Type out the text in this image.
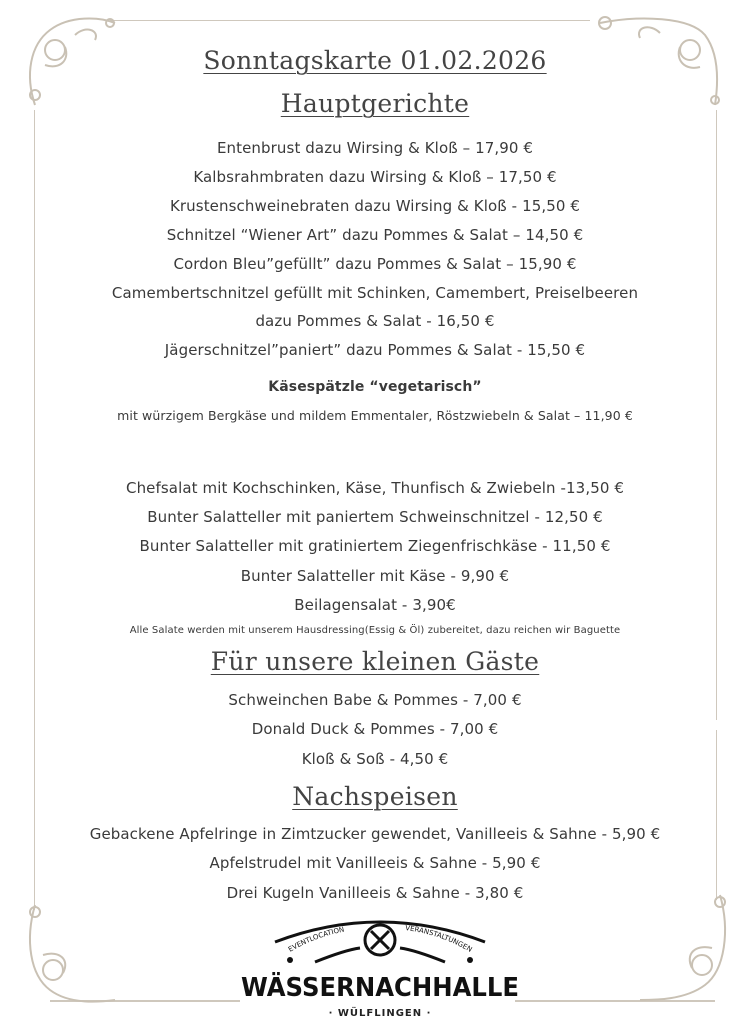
Sonntagskarte 01.02.2026
Hauptgerichte
Entenbrust dazu Wirsing & Kloß – 17,90 €
Kalbsrahmbraten dazu Wirsing & Kloß – 17,50 €
Krustenschweinebraten dazu Wirsing & Kloß - 15,50 €
Schnitzel “Wiener Art” dazu Pommes & Salat – 14,50 €
Cordon Bleu”gefüllt” dazu Pommes & Salat – 15,90 €
Camembertschnitzel gefüllt mit Schinken, Camembert, Preiselbeeren
dazu Pommes & Salat - 16,50 €
Jägerschnitzel”paniert” dazu Pommes & Salat - 15,50 €
Käsespätzle “vegetarisch”
mit würzigem Bergkäse und mildem Emmentaler, Röstzwiebeln & Salat – 11,90 €
Chefsalat mit Kochschinken, Käse, Thunfisch & Zwiebeln -13,50 €
Bunter Salatteller mit paniertem Schweinschnitzel - 12,50 €
Bunter Salatteller mit gratiniertem Ziegenfrischkäse - 11,50 €
Bunter Salatteller mit Käse - 9,90 €
Beilagensalat - 3,90€
Alle Salate werden mit unserem Hausdressing(Essig & Öl) zubereitet, dazu reichen wir Baguette
Für unsere kleinen Gäste
Schweinchen Babe & Pommes - 7,00 €
Donald Duck & Pommes - 7,00 €
Kloß & Soß - 4,50 €
Nachspeisen
Gebackene Apfelringe in Zimtzucker gewendet, Vanilleeis & Sahne - 5,90 €
Apfelstrudel mit Vanilleeis & Sahne - 5,90 €
Drei Kugeln Vanilleeis & Sahne - 3,80 €
EVENTLOCATION	VERANSTALTUNGEN
WÄSSERNACHHALLE
· WÜLFLINGEN ·
